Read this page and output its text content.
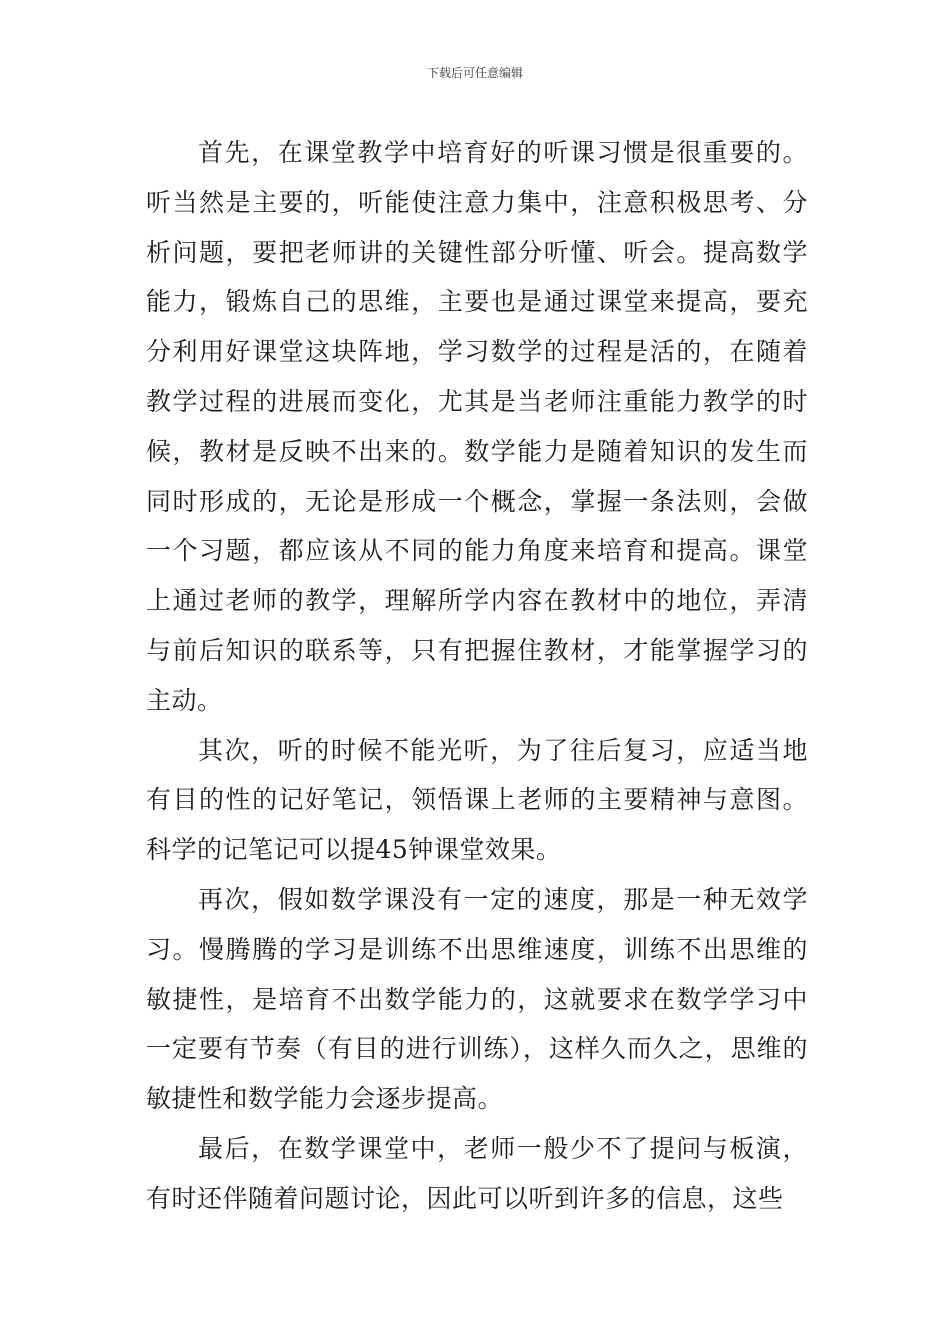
下载后可任意编辑

首先，在课堂教学中培育好的听课习惯是很重要的。听当然是主要的，听能使注意力集中，注意积极思考、分析问题，要把老师讲的关键性部分听懂、听会。提高数学能力，锻炼自己的思维，主要也是通过课堂来提高，要充分利用好课堂这块阵地，学习数学的过程是活的，在随着教学过程的进展而变化，尤其是当老师注重能力教学的时候，教材是反映不出来的。数学能力是随着知识的发生而同时形成的，无论是形成一个概念，掌握一条法则，会做一个习题，都应该从不同的能力角度来培育和提高。课堂上通过老师的教学，理解所学内容在教材中的地位，弄清与前后知识的联系等，只有把握住教材，才能掌握学习的主动。

其次，听的时候不能光听，为了往后复习，应适当地有目的性的记好笔记，领悟课上老师的主要精神与意图。科学的记笔记可以提45钟课堂效果。

再次，假如数学课没有一定的速度，那是一种无效学习。慢腾腾的学习是训练不出思维速度，训练不出思维的敏捷性，是培育不出数学能力的，这就要求在数学学习中一定要有节奏（有目的进行训练），这样久而久之，思维的敏捷性和数学能力会逐步提高。

最后，在数学课堂中，老师一般少不了提问与板演，有时还伴随着问题讨论，因此可以听到许多的信息，这些
